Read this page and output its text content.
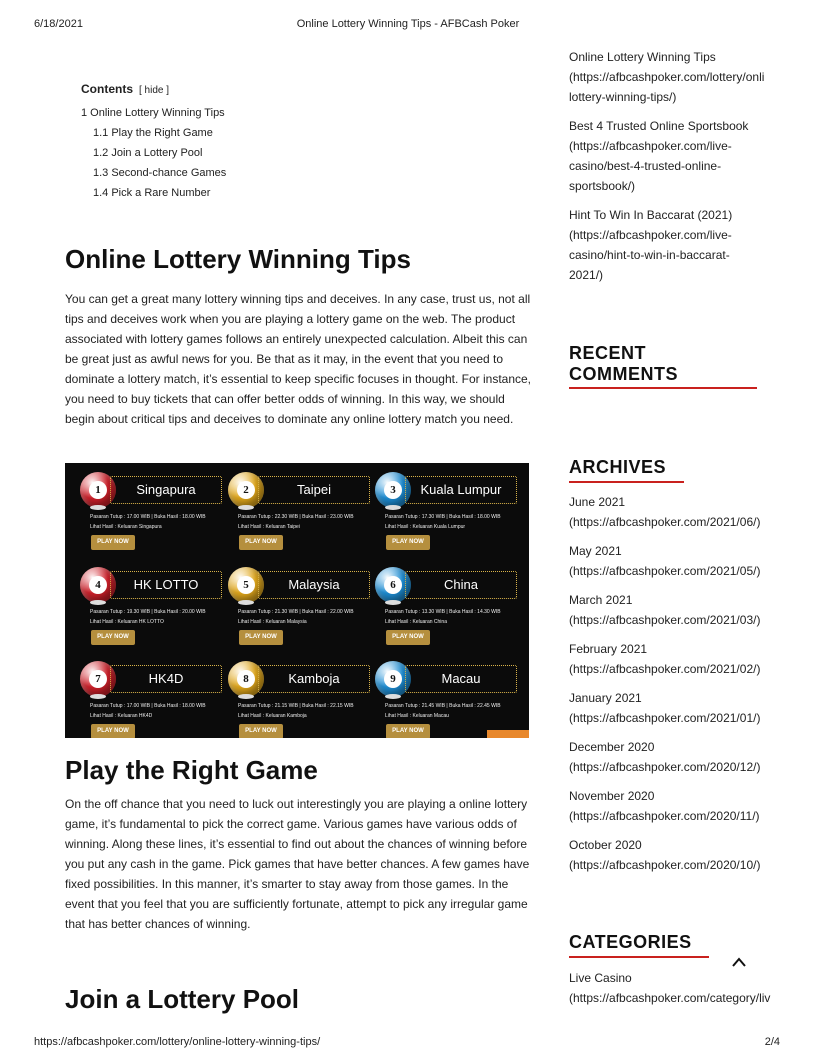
6/18/2021	Online Lottery Winning Tips - AFBCash Poker
https://afbcashpoker.com/lottery/online-lottery-winning-tips/	2/4
Contents [ hide ]
1 Online Lottery Winning Tips
1.1 Play the Right Game
1.2 Join a Lottery Pool
1.3 Second-chance Games
1.4 Pick a Rare Number
Online Lottery Winning Tips
You can get a great many lottery winning tips and deceives. In any case, trust us, not all tips and deceives work when you are playing a lottery game on the web. The product associated with lottery games follows an entirely unexpected calculation. Albeit this can be great just as awful news for you. Be that as it may, in the event that you need to dominate a lottery match, it’s essential to keep specific focuses in thought. For instance, you need to buy tickets that can offer better odds of winning. In this way, we should begin about critical tips and deceives to dominate any online lottery match you need.
1	Singapura
Pasaran Tutup : 17.00 WIB | Buka Hasil : 18.00 WIB
Lihat Hasil : Keluaran Singapura
PLAY NOW
2	Taipei
Pasaran Tutup : 22.30 WIB | Buka Hasil : 23.00 WIB
Lihat Hasil : Keluaran Taipei
PLAY NOW
3	Kuala Lumpur
Pasaran Tutup : 17.30 WIB | Buka Hasil : 18.00 WIB
Lihat Hasil : Keluaran Kuala Lumpur
PLAY NOW
4	HK LOTTO
Pasaran Tutup : 19.30 WIB | Buka Hasil : 20.00 WIB
Lihat Hasil : Keluaran HK LOTTO
PLAY NOW
5	Malaysia
Pasaran Tutup : 21.30 WIB | Buka Hasil : 22.00 WIB
Lihat Hasil : Keluaran Malaysia
PLAY NOW
6	China
Pasaran Tutup : 13.30 WIB | Buka Hasil : 14.30 WIB
Lihat Hasil : Keluaran China
PLAY NOW
7	HK4D
Pasaran Tutup : 17.00 WIB | Buka Hasil : 18.00 WIB
Lihat Hasil : Keluaran HK4D
PLAY NOW
8	Kamboja
Pasaran Tutup : 21.15 WIB | Buka Hasil : 22.15 WIB
Lihat Hasil : Keluaran Kamboja
PLAY NOW
9	Macau
Pasaran Tutup : 21.45 WIB | Buka Hasil : 22.45 WIB
Lihat Hasil : Keluaran Macau
PLAY NOW
Play the Right Game
On the off chance that you need to luck out interestingly you are playing a online lottery game, it’s fundamental to pick the correct game. Various games have various odds of winning. Along these lines, it’s essential to find out about the chances of winning before you put any cash in the game. Pick games that have better chances. A few games have fixed possibilities. In this manner, it’s smarter to stay away from those games. In the event that you feel that you are sufficiently fortunate, attempt to pick any irregular game that has better chances of winning.
Join a Lottery Pool
Online Lottery Winning Tips
(https://afbcashpoker.com/lottery/onli
lottery-winning-tips/)
Best 4 Trusted Online Sportsbook
(https://afbcashpoker.com/live-
casino/best-4-trusted-online-
sportsbook/)
Hint To Win In Baccarat (2021)
(https://afbcashpoker.com/live-
casino/hint-to-win-in-baccarat-
2021/)
RECENT
COMMENTS
ARCHIVES
June 2021
(https://afbcashpoker.com/2021/06/)
May 2021
(https://afbcashpoker.com/2021/05/)
March 2021
(https://afbcashpoker.com/2021/03/)
February 2021
(https://afbcashpoker.com/2021/02/)
January 2021
(https://afbcashpoker.com/2021/01/)
December 2020
(https://afbcashpoker.com/2020/12/)
November 2020
(https://afbcashpoker.com/2020/11/)
October 2020
(https://afbcashpoker.com/2020/10/)
CATEGORIES
Live Casino
(https://afbcashpoker.com/category/liv
